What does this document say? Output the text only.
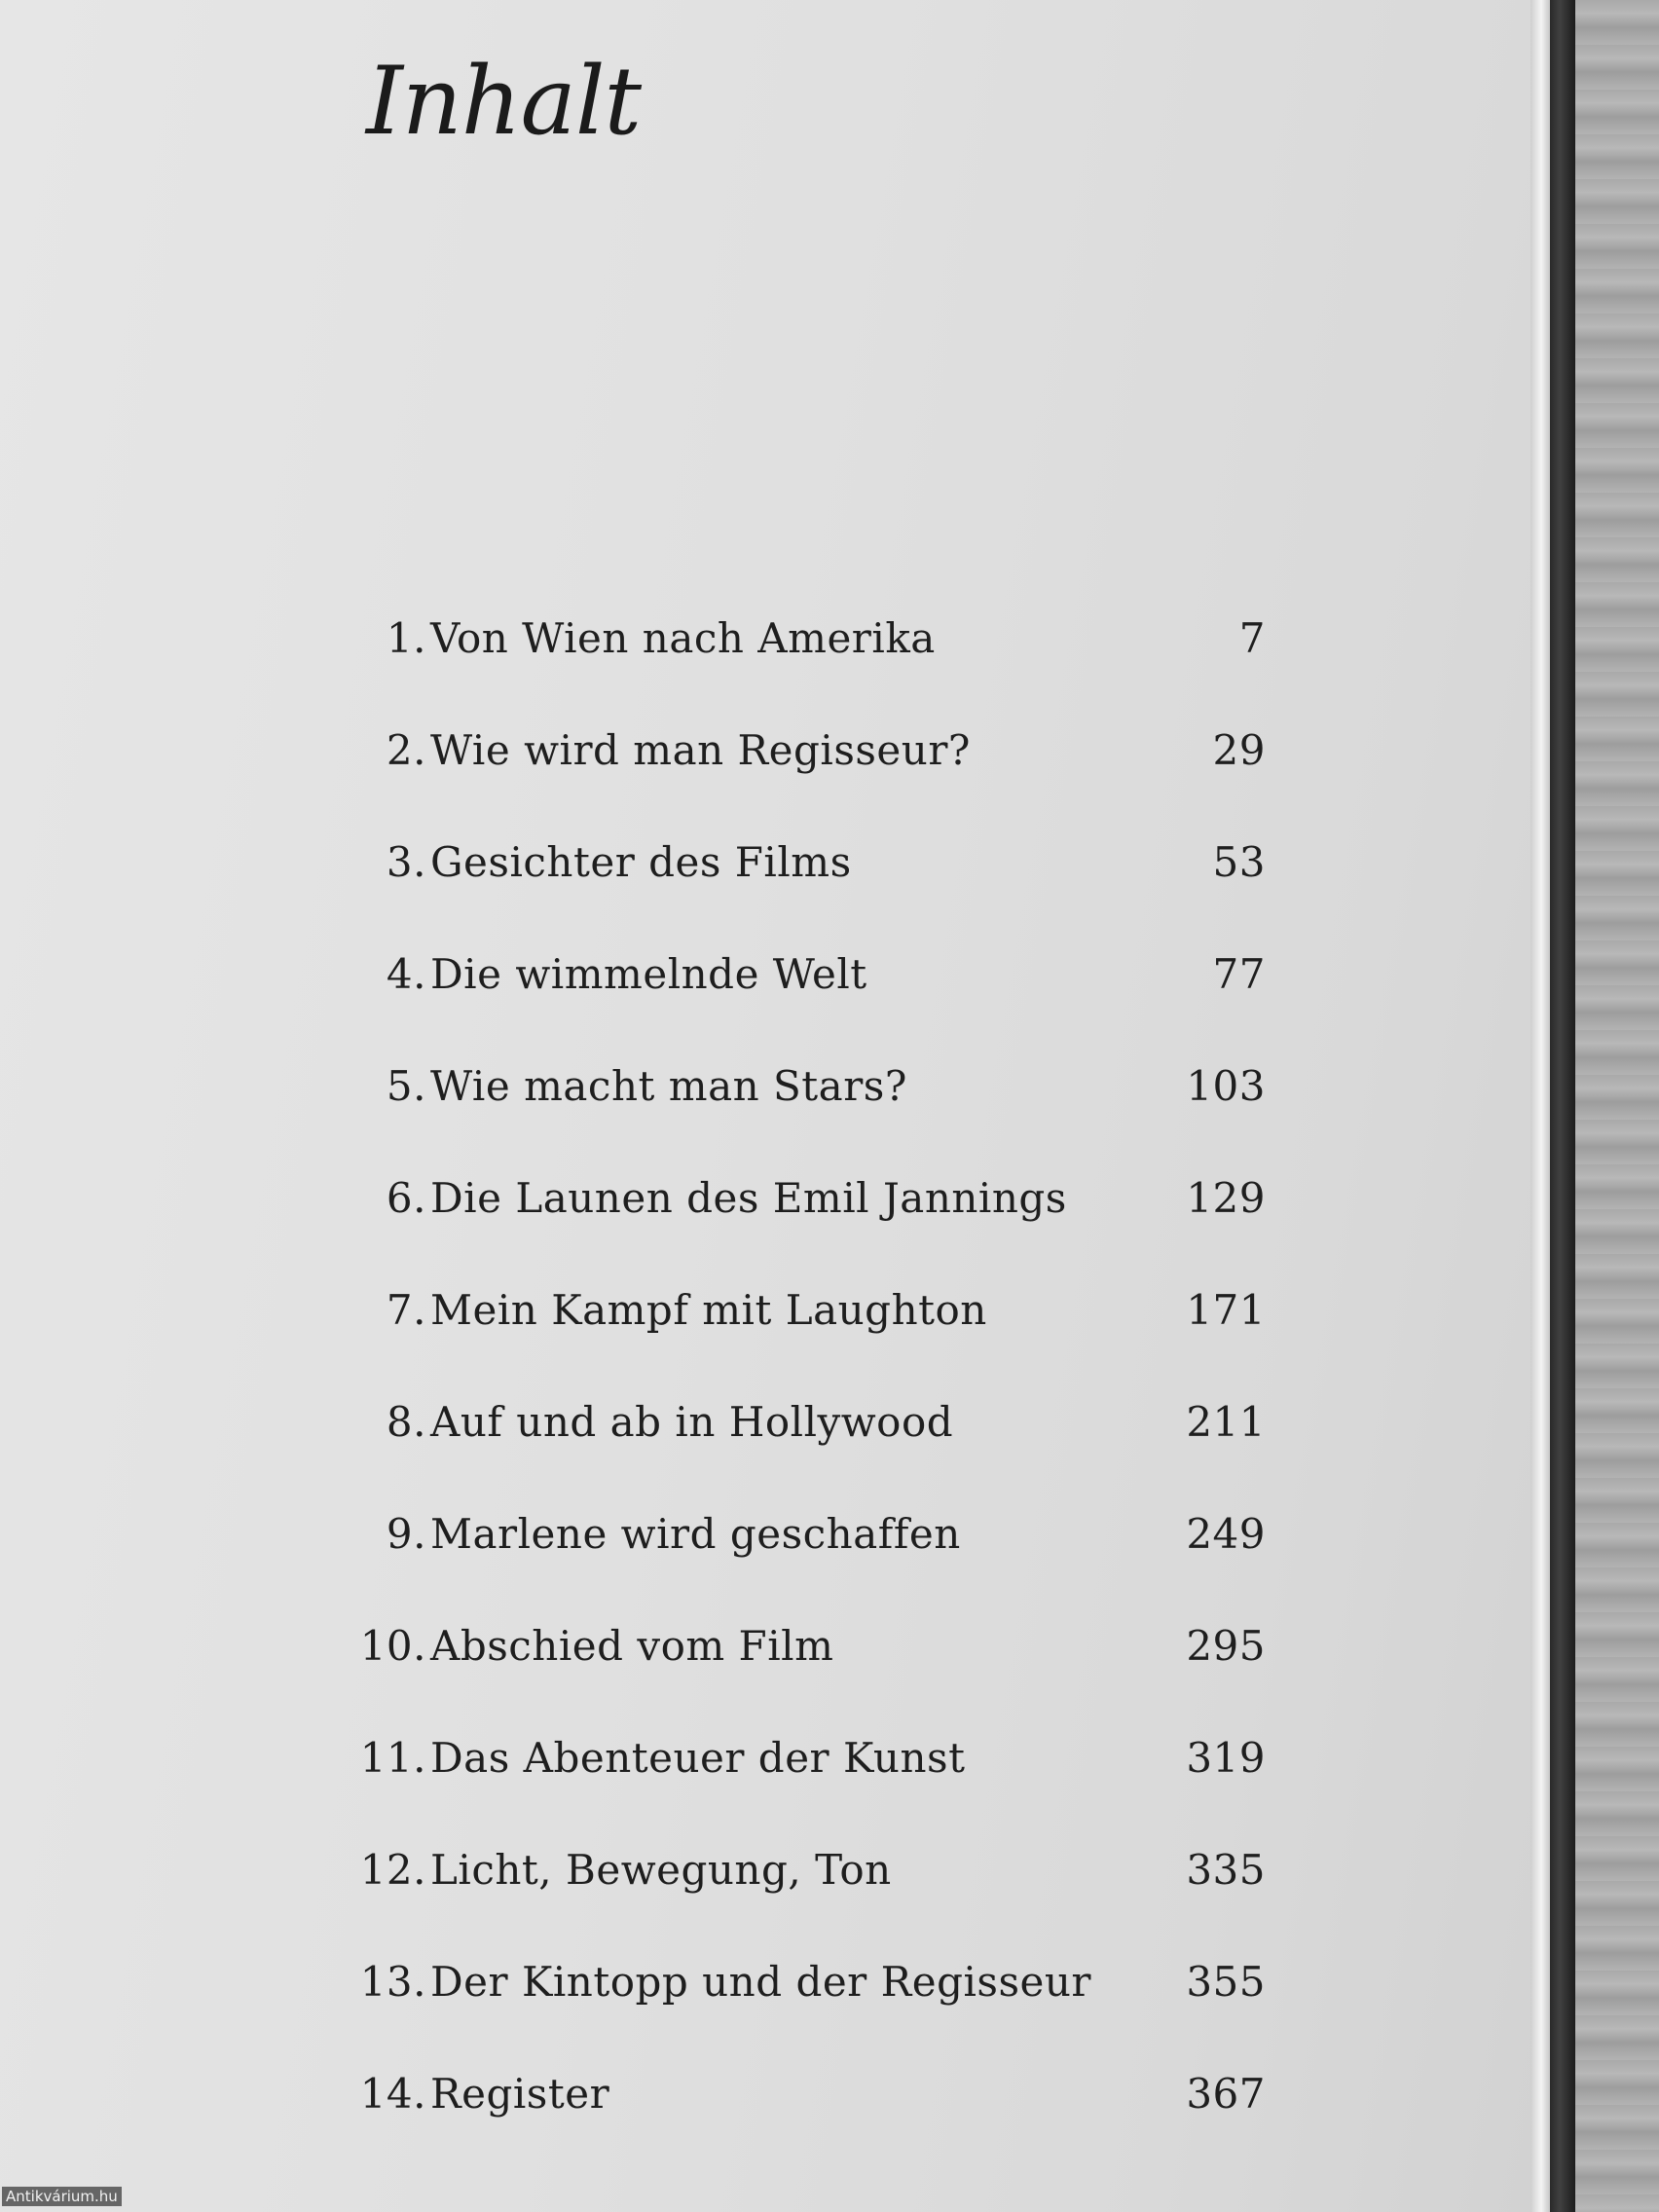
Inhalt
1. Von Wien nach Amerika	7
2. Wie wird man Regisseur?	29
3. Gesichter des Films	53
4. Die wimmelnde Welt	77
5. Wie macht man Stars?	103
6. Die Launen des Emil Jannings	129
7. Mein Kampf mit Laughton	171
8. Auf und ab in Hollywood	211
9. Marlene wird geschaffen	249
10. Abschied vom Film	295
11. Das Abenteuer der Kunst	319
12. Licht, Bewegung, Ton	335
13. Der Kintopp und der Regisseur 355
14. Register	367
Antikvárium.hu
